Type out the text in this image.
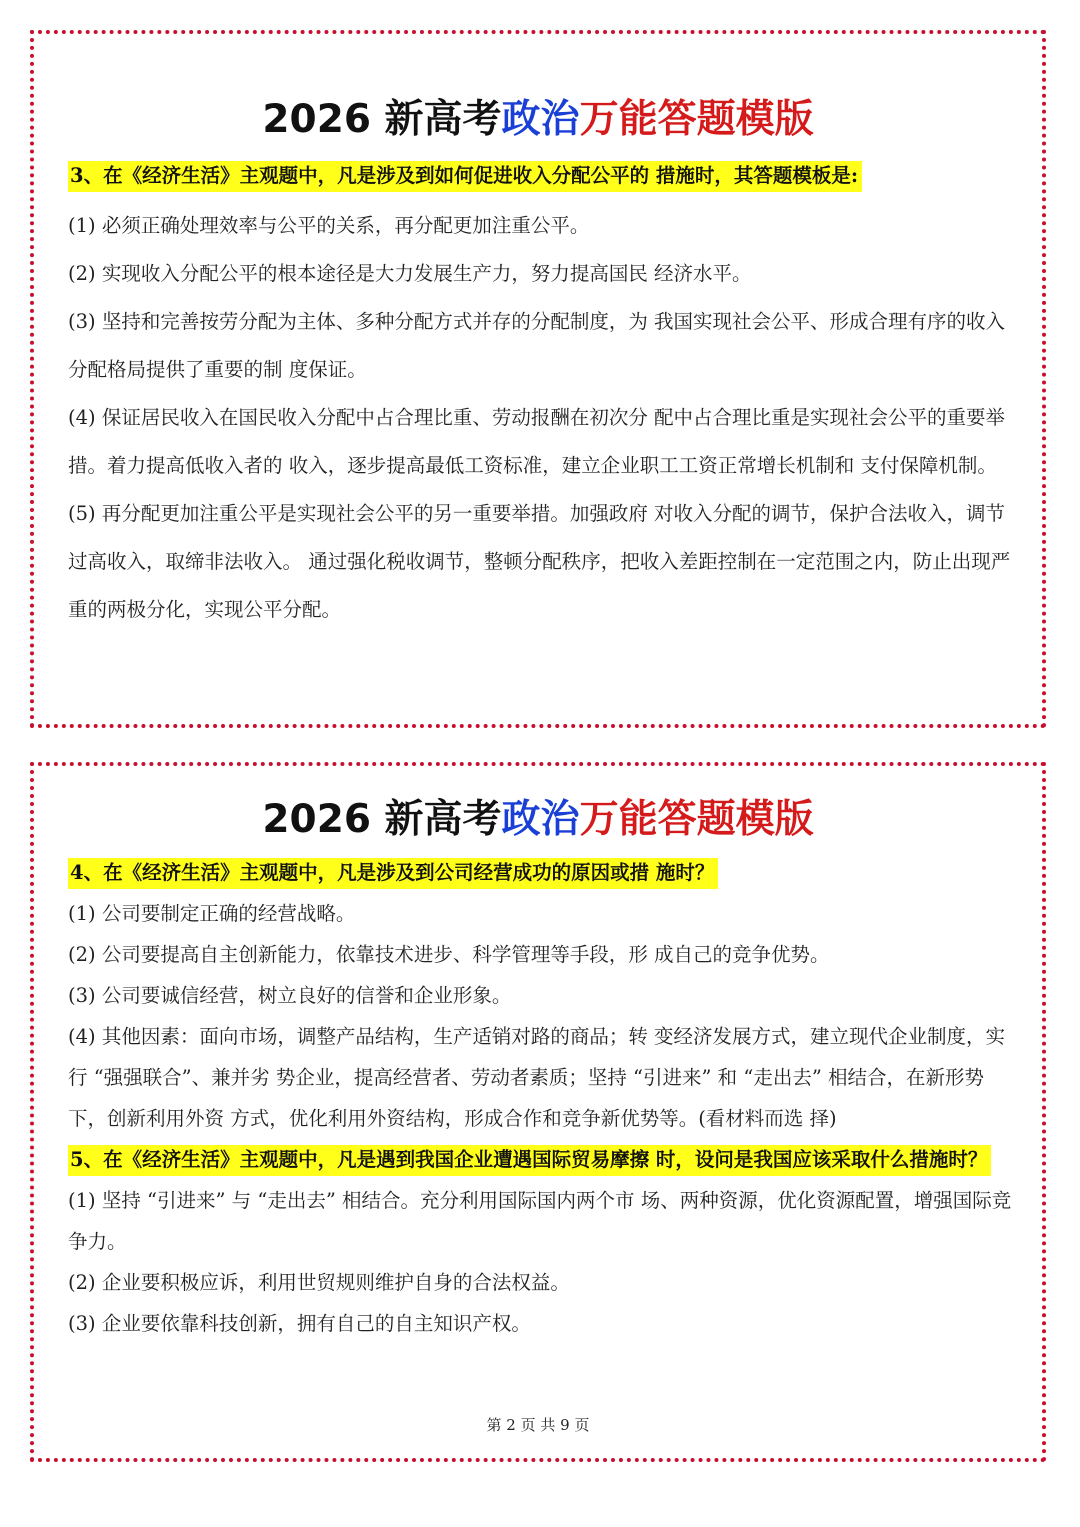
2026 新高考政治万能答题模版
3、在《经济生活》主观题中，凡是涉及到如何促进收入分配公平的 措施时，其答题模板是:

(1) 必须正确处理效率与公平的关系，再分配更加注重公平。

(2) 实现收入分配公平的根本途径是大力发展生产力，努力提高国民 经济水平。

(3) 坚持和完善按劳分配为主体、多种分配方式并存的分配制度，为 我国实现社会公平、形成合理有序的收入分配格局提供了重要的制 度保证。

(4) 保证居民收入在国民收入分配中占合理比重、劳动报酬在初次分 配中占合理比重是实现社会公平的重要举措。着力提高低收入者的 收入，逐步提高最低工资标准，建立企业职工工资正常增长机制和 支付保障机制。

(5) 再分配更加注重公平是实现社会公平的另一重要举措。加强政府 对收入分配的调节，保护合法收入，调节过高收入，取缔非法收入。 通过强化税收调节，整顿分配秩序，把收入差距控制在一定范围之内，防止出现严重的两极分化，实现公平分配。

2026 新高考政治万能答题模版
4、在《经济生活》主观题中，凡是涉及到公司经营成功的原因或措 施时？

(1) 公司要制定正确的经营战略。

(2) 公司要提高自主创新能力，依靠技术进步、科学管理等手段，形 成自己的竞争优势。

(3) 公司要诚信经营，树立良好的信誉和企业形象。

(4) 其他因素：面向市场，调整产品结构，生产适销对路的商品；转 变经济发展方式，建立现代企业制度，实行 “强强联合”、兼并劣 势企业，提高经营者、劳动者素质；坚持 “引进来” 和 “走出去” 相结合，在新形势下，创新利用外资 方式，优化利用外资结构，形成合作和竞争新优势等。(看材料而选 择)

5、在《经济生活》主观题中，凡是遇到我国企业遭遇国际贸易摩擦 时，设问是我国应该采取什么措施时？

(1) 坚持 “引进来” 与 “走出去” 相结合。充分利用国际国内两个市 场、两种资源，优化资源配置，增强国际竞争力。

(2) 企业要积极应诉，利用世贸规则维护自身的合法权益。

(3) 企业要依靠科技创新，拥有自己的自主知识产权。

第 2 页 共 9 页
